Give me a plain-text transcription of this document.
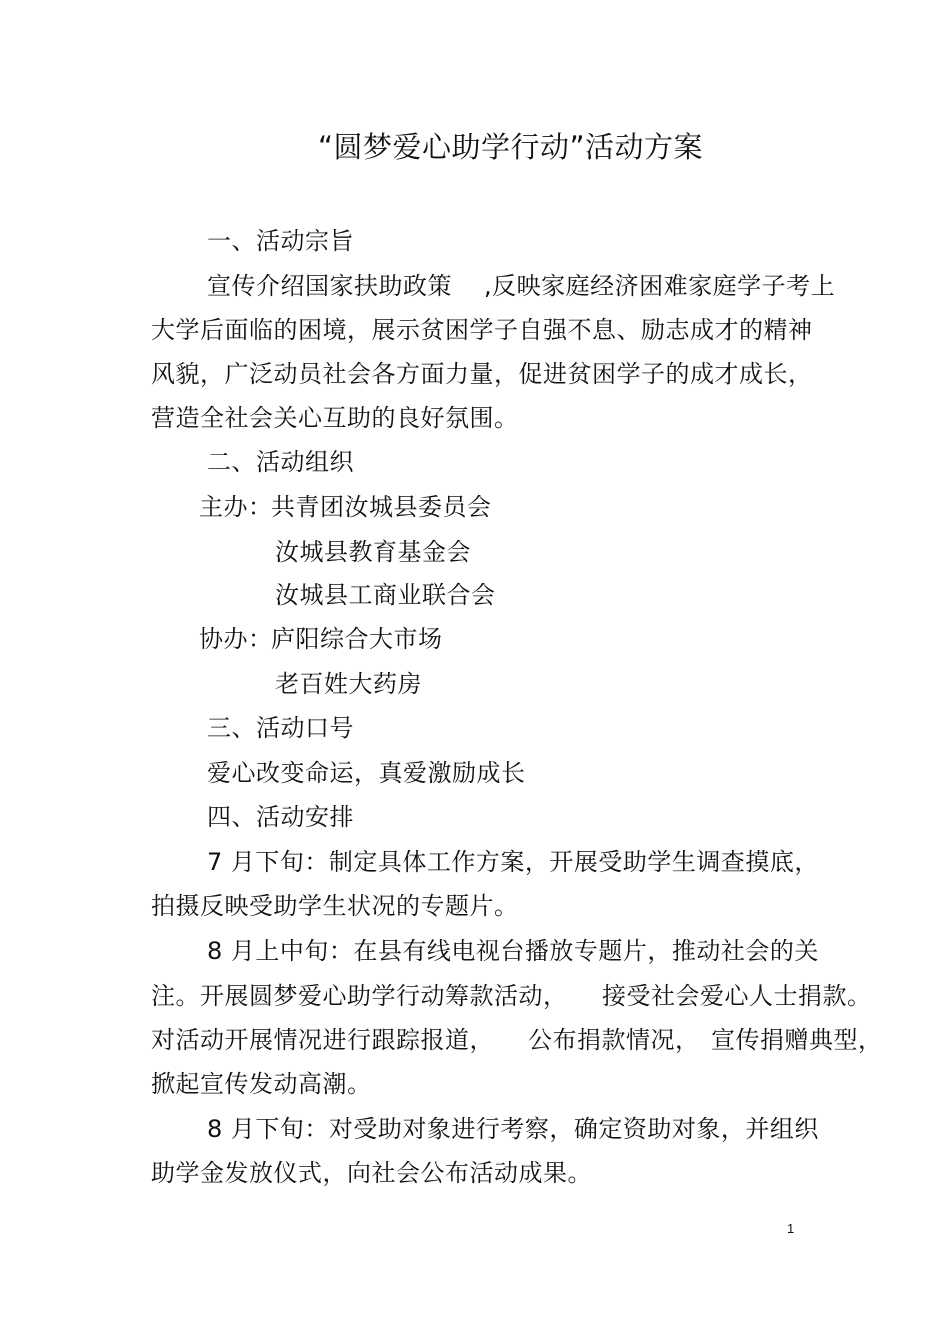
“圆梦爱心助学行动”活动方案
一、活动宗旨
宣传介绍国家扶助政策 ,反映家庭经济困难家庭学子考上
大学后面临的困境，展示贫困学子自强不息、励志成才的精神
风貌，广泛动员社会各方面力量，促进贫困学子的成才成长，
营造全社会关心互助的良好氛围。
二、活动组织
主办：
共青团汝城县委员会
汝城县教育基金会
汝城县工商业联合会
协办：
庐阳综合大市场
老百姓大药房
三、活动口号
爱心改变命运，真爱激励成长
四、活动安排
7 月下旬：制定具体工作方案，开展受助学生调查摸底，
拍摄反映受助学生状况的专题片。
8 月上中旬：在县有线电视台播放专题片，推动社会的关
注。开展圆梦爱心助学行动筹款活动， 接受社会爱心人士捐款。
对活动开展情况进行跟踪报道， 公布捐款情况， 宣传捐赠典型，
掀起宣传发动高潮。
8 月下旬：对受助对象进行考察，确定资助对象，并组织
助学金发放仪式，向社会公布活动成果。
1
